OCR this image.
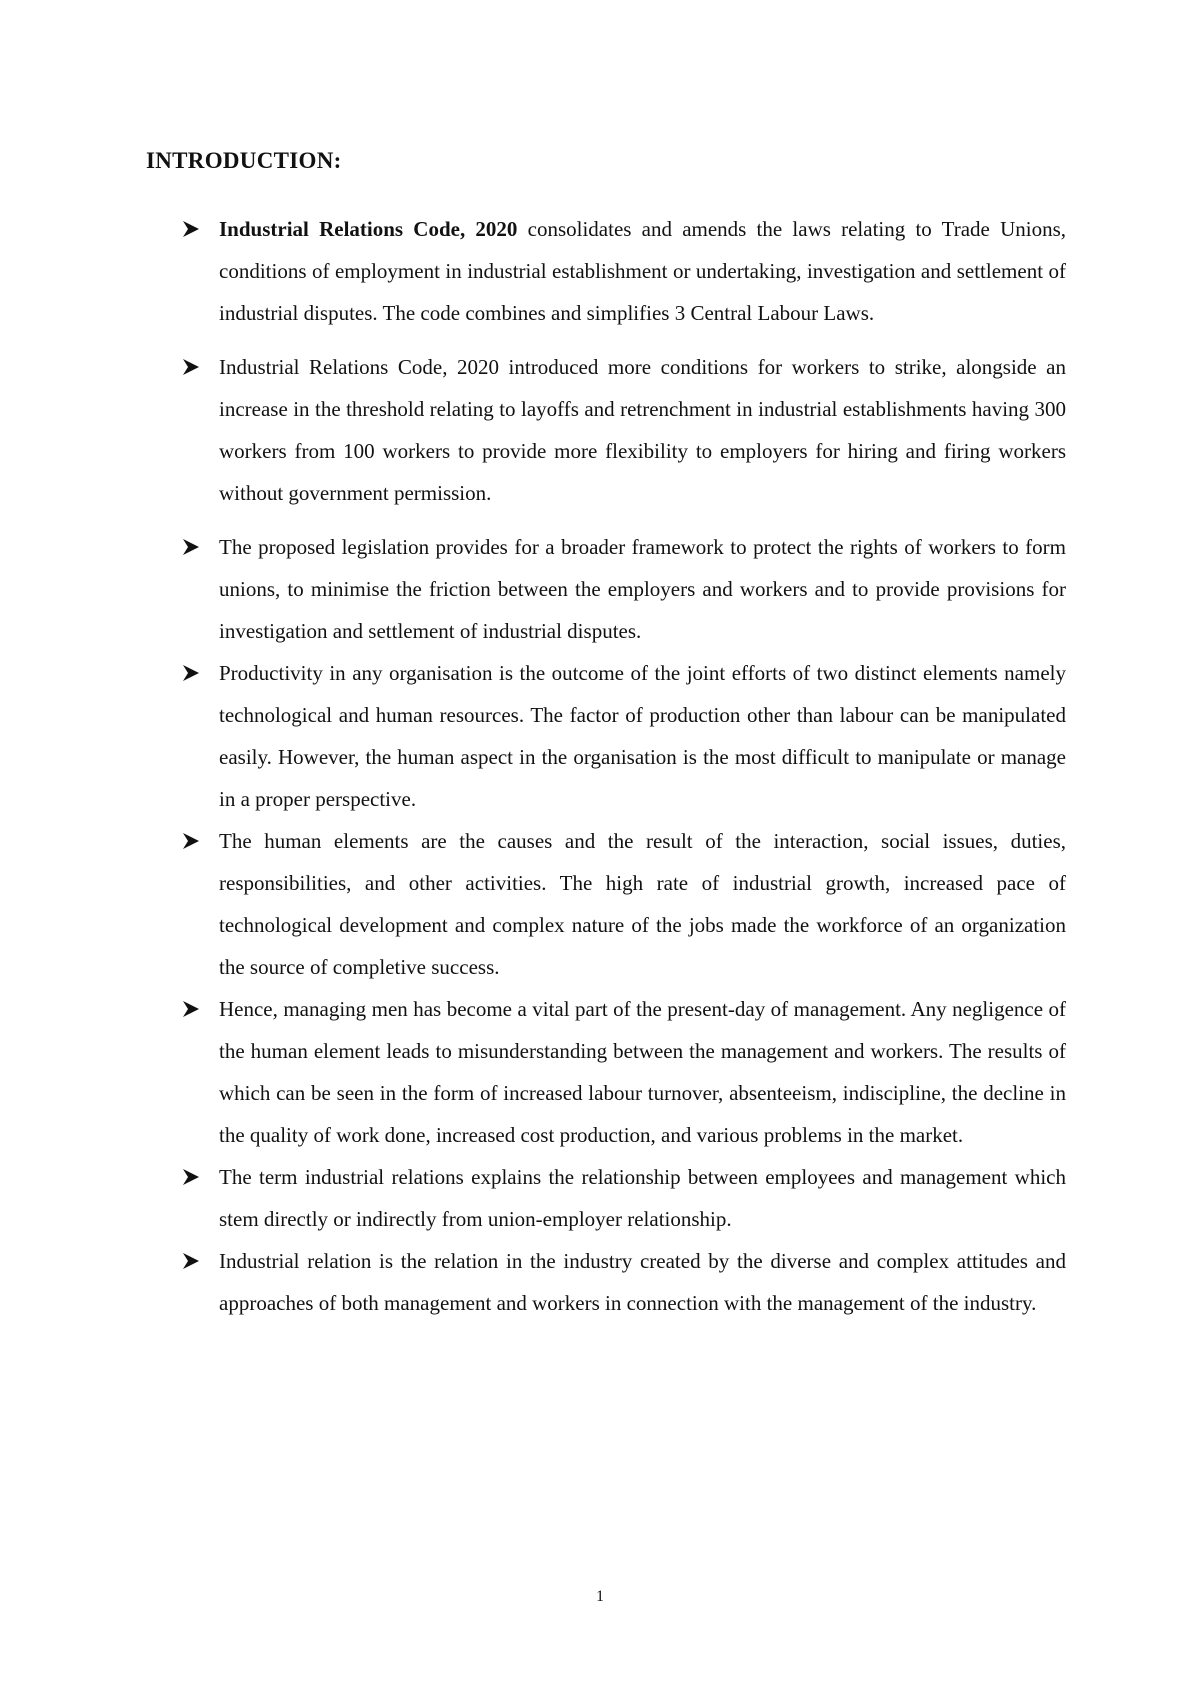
INTRODUCTION:
Industrial Relations Code, 2020 consolidates and amends the laws relating to Trade Unions, conditions of employment in industrial establishment or undertaking, investigation and settlement of industrial disputes. The code combines and simplifies 3 Central Labour Laws.
Industrial Relations Code, 2020 introduced more conditions for workers to strike, alongside an increase in the threshold relating to layoffs and retrenchment in industrial establishments having 300 workers from 100 workers to provide more flexibility to employers for hiring and firing workers without government permission.
The proposed legislation provides for a broader framework to protect the rights of workers to form unions, to minimise the friction between the employers and workers and to provide provisions for investigation and settlement of industrial disputes.
Productivity in any organisation is the outcome of the joint efforts of two distinct elements namely technological and human resources. The factor of production other than labour can be manipulated easily. However, the human aspect in the organisation is the most difficult to manipulate or manage in a proper perspective.
The human elements are the causes and the result of the interaction, social issues, duties, responsibilities, and other activities. The high rate of industrial growth, increased pace of technological development and complex nature of the jobs made the workforce of an organization the source of completive success.
Hence, managing men has become a vital part of the present-day of management. Any negligence of the human element leads to misunderstanding between the management and workers. The results of which can be seen in the form of increased labour turnover, absenteeism, indiscipline, the decline in the quality of work done, increased cost production, and various problems in the market.
The term industrial relations explains the relationship between employees and management which stem directly or indirectly from union-employer relationship.
Industrial relation is the relation in the industry created by the diverse and complex attitudes and approaches of both management and workers in connection with the management of the industry.
1
